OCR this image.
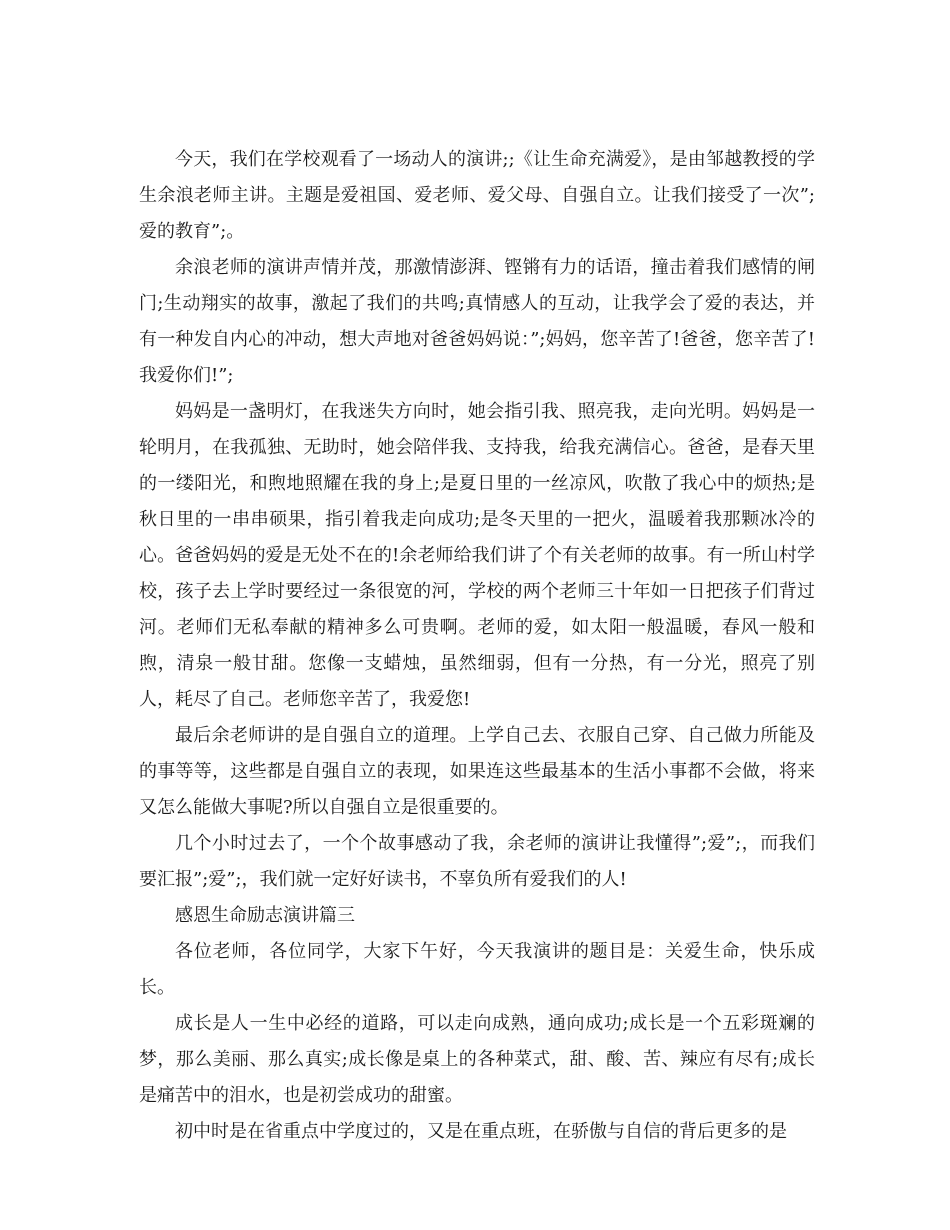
今天，我们在学校观看了一场动人的演讲;;《让生命充满爱》，是由邹越教授的学生余浪老师主讲。主题是爱祖国、爱老师、爱父母、自强自立。让我们接受了一次”;爱的教育”;。

余浪老师的演讲声情并茂，那激情澎湃、铿锵有力的话语，撞击着我们感情的闸门;生动翔实的故事，激起了我们的共鸣;真情感人的互动，让我学会了爱的表达，并有一种发自内心的冲动，想大声地对爸爸妈妈说：”;妈妈，您辛苦了!爸爸，您辛苦了!我爱你们!”;

妈妈是一盏明灯，在我迷失方向时，她会指引我、照亮我，走向光明。妈妈是一轮明月，在我孤独、无助时，她会陪伴我、支持我，给我充满信心。爸爸，是春天里的一缕阳光，和煦地照耀在我的身上;是夏日里的一丝凉风，吹散了我心中的烦热;是秋日里的一串串硕果，指引着我走向成功;是冬天里的一把火，温暖着我那颗冰冷的心。爸爸妈妈的爱是无处不在的!余老师给我们讲了个有关老师的故事。有一所山村学校，孩子去上学时要经过一条很宽的河，学校的两个老师三十年如一日把孩子们背过河。老师们无私奉献的精神多么可贵啊。老师的爱，如太阳一般温暖，春风一般和煦，清泉一般甘甜。您像一支蜡烛，虽然细弱，但有一分热，有一分光，照亮了别人，耗尽了自己。老师您辛苦了，我爱您!

最后余老师讲的是自强自立的道理。上学自己去、衣服自己穿、自己做力所能及的事等等，这些都是自强自立的表现，如果连这些最基本的生活小事都不会做，将来又怎么能做大事呢?所以自强自立是很重要的。

几个小时过去了，一个个故事感动了我，余老师的演讲让我懂得”;爱”;，而我们要汇报”;爱”;，我们就一定好好读书，不辜负所有爱我们的人!

感恩生命励志演讲篇三

各位老师，各位同学，大家下午好，今天我演讲的题目是：关爱生命，快乐成长。

成长是人一生中必经的道路，可以走向成熟，通向成功;成长是一个五彩斑斓的梦，那么美丽、那么真实;成长像是桌上的各种菜式，甜、酸、苦、辣应有尽有;成长是痛苦中的泪水，也是初尝成功的甜蜜。

初中时是在省重点中学度过的，又是在重点班，在骄傲与自信的背后更多的是
